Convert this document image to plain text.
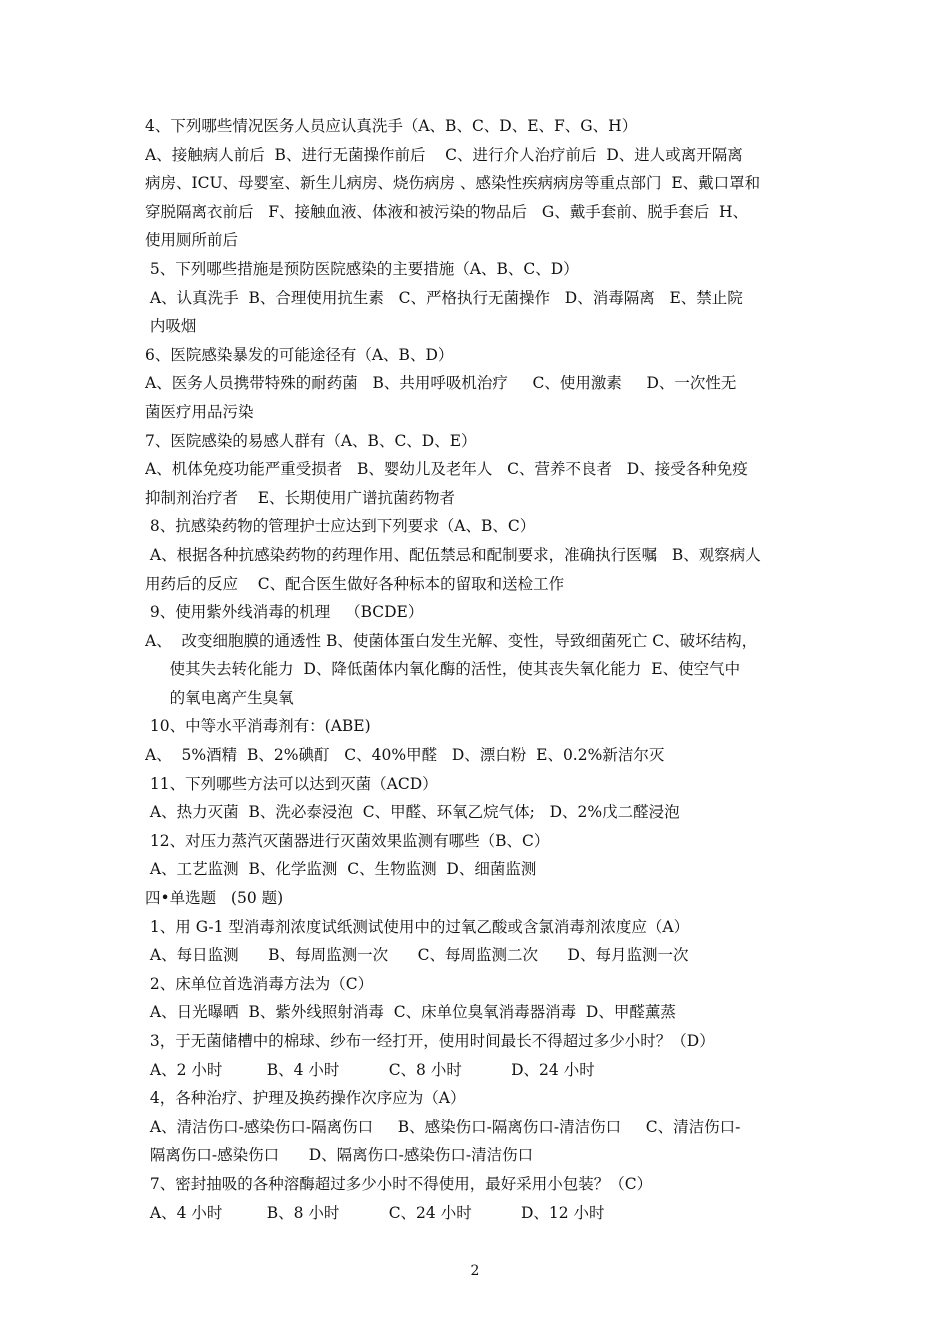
4、下列哪些情况医务人员应认真洗手（A、B、C、D、E、F、G、H）
A、接触病人前后  B、进行无菌操作前后    C、进行介人治疗前后  D、进人或离开隔离
病房、ICU、母婴室、新生儿病房、烧伤病房 、感染性疾病病房等重点部门  E、戴口罩和
穿脱隔离衣前后   F、接触血液、体液和被污染的物品后   G、戴手套前、脱手套后  H、
使用厕所前后
5、下列哪些措施是预防医院感染的主要措施（A、B、C、D）
A、认真洗手  B、合理使用抗生素   C、严格执行无菌操作   D、消毒隔离   E、禁止院
内吸烟
6、医院感染暴发的可能途径有（A、B、D）
A、医务人员携带特殊的耐药菌   B、共用呼吸机治疗     C、使用激素     D、一次性无
菌医疗用品污染
7、医院感染的易感人群有（A、B、C、D、E）
A、机体免疫功能严重受损者   B、婴幼儿及老年人   C、营养不良者   D、接受各种免疫
抑制剂治疗者    E、长期使用广谱抗菌药物者
8、抗感染药物的管理护士应达到下列要求（A、B、C）
A、根据各种抗感染药物的药理作用、配伍禁忌和配制要求，准确执行医嘱   B、观察病人
用药后的反应    C、配合医生做好各种标本的留取和送检工作
9、使用紫外线消毒的机理   （BCDE）
A、  改变细胞膜的通透性 B、使菌体蛋白发生光解、变性，导致细菌死亡 C、破坏结构，
使其失去转化能力  D、降低菌体内氧化酶的活性，使其丧失氧化能力  E、使空气中
的氧电离产生臭氧
10、中等水平消毒剂有：(ABE)
A、  5%酒精  B、2%碘酊   C、40%甲醛   D、漂白粉  E、0.2%新洁尔灭
11、下列哪些方法可以达到灭菌（ACD）
A、热力灭菌  B、洗必泰浸泡  C、甲醛、环氧乙烷气体;   D、2%戊二醛浸泡
12、对压力蒸汽灭菌器进行灭菌效果监测有哪些（B、C）
A、工艺监测  B、化学监测  C、生物监测  D、细菌监测
四•单选题   (50 题)
1、用 G-1 型消毒剂浓度试纸测试使用中的过氧乙酸或含氯消毒剂浓度应（A）
A、每日监测      B、每周监测一次      C、每周监测二次      D、每月监测一次
2、床单位首选消毒方法为（C）
A、日光曝晒  B、紫外线照射消毒  C、床单位臭氧消毒器消毒  D、甲醛薰蒸
3，于无菌储槽中的棉球、纱布一经打开，使用时间最长不得超过多少小时？（D）
A、2 小时         B、4 小时          C、8 小时          D、24 小时
4，各种治疗、护理及换药操作次序应为（A）
A、清洁伤口-感染伤口-隔离伤口     B、感染伤口-隔离伤口-清洁伤口     C、清洁伤口-
隔离伤口-感染伤口      D、隔离伤口-感染伤口-清洁伤口
7、密封抽吸的各种溶酶超过多少小时不得使用，最好采用小包装？（C）
A、4 小时         B、8 小时          C、24 小时          D、12 小时
2
